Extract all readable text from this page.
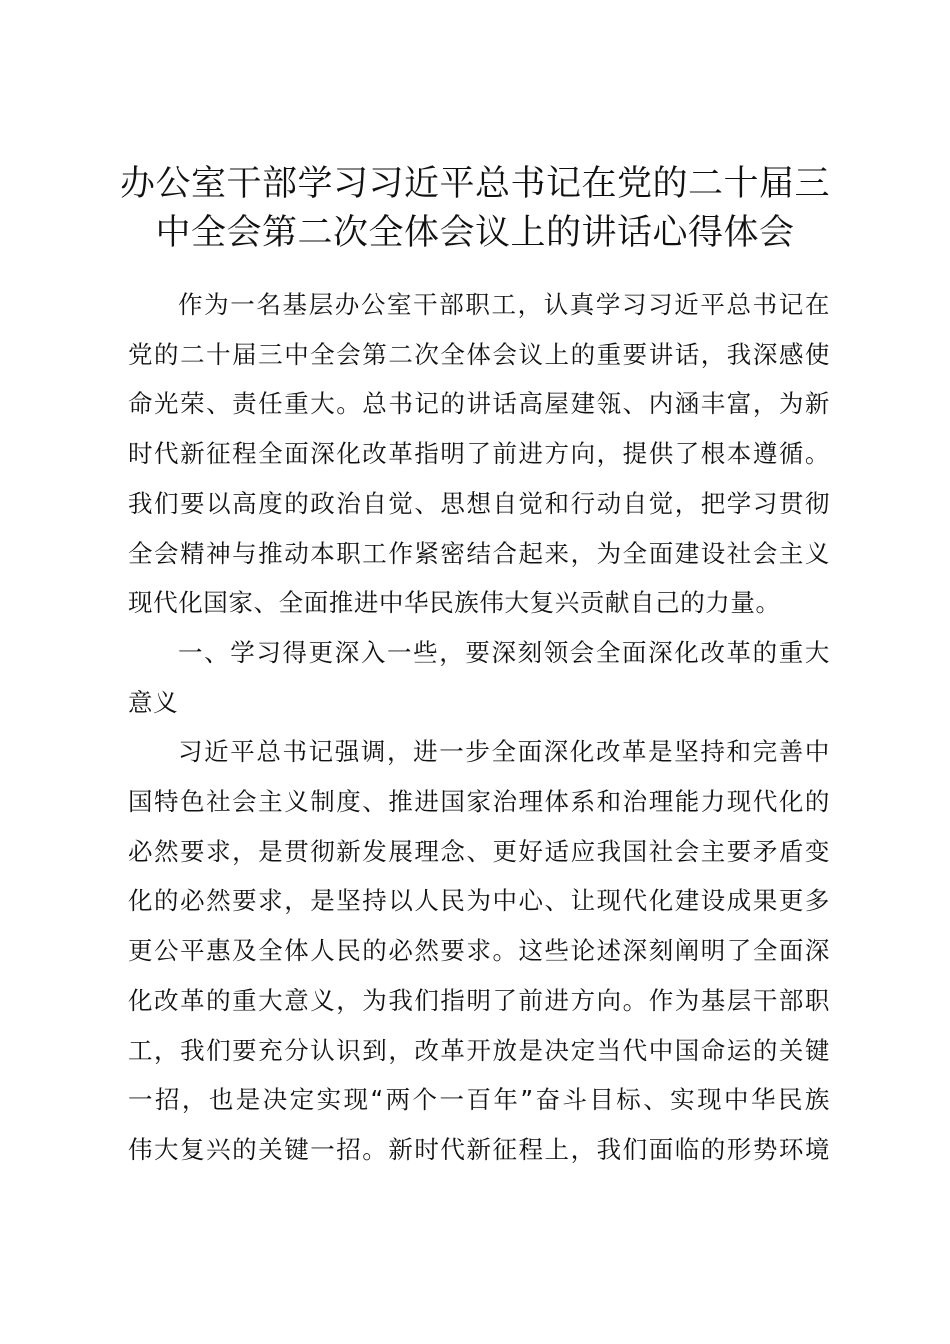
办公室干部学习习近平总书记在党的二十届三
中全会第二次全体会议上的讲话心得体会
作为一名基层办公室干部职工，认真学习习近平总书记在
党的二十届三中全会第二次全体会议上的重要讲话，我深感使
命光荣、责任重大。总书记的讲话高屋建瓴、内涵丰富，为新
时代新征程全面深化改革指明了前进方向，提供了根本遵循。
我们要以高度的政治自觉、思想自觉和行动自觉，把学习贯彻
全会精神与推动本职工作紧密结合起来，为全面建设社会主义
现代化国家、全面推进中华民族伟大复兴贡献自己的力量。
一、学习得更深入一些，要深刻领会全面深化改革的重大
意义
习近平总书记强调，进一步全面深化改革是坚持和完善中
国特色社会主义制度、推进国家治理体系和治理能力现代化的
必然要求，是贯彻新发展理念、更好适应我国社会主要矛盾变
化的必然要求，是坚持以人民为中心、让现代化建设成果更多
更公平惠及全体人民的必然要求。这些论述深刻阐明了全面深
化改革的重大意义，为我们指明了前进方向。作为基层干部职
工，我们要充分认识到，改革开放是决定当代中国命运的关键
一招，也是决定实现“两个一百年”奋斗目标、实现中华民族
伟大复兴的关键一招。新时代新征程上，我们面临的形势环境
